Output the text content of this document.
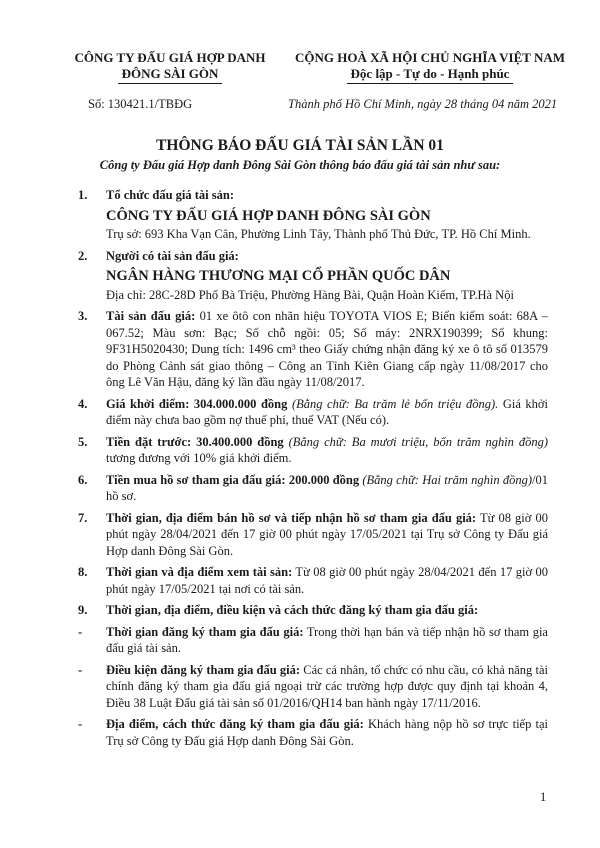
CÔNG TY ĐẤU GIÁ HỢP DANH
ĐÔNG SÀI GÒN
CỘNG HOÀ XÃ HỘI CHỦ NGHĨA VIỆT NAM
Độc lập - Tự do - Hạnh phúc
Số: 130421.1/TBĐG	Thành phố Hồ Chí Minh, ngày 28 tháng 04 năm 2021
THÔNG BÁO ĐẤU GIÁ TÀI SẢN LẦN 01
Công ty Đấu giá Hợp danh Đông Sài Gòn thông báo đấu giá tài sản như sau:
1.	Tổ chức đấu giá tài sản:
CÔNG TY ĐẤU GIÁ HỢP DANH ĐÔNG SÀI GÒN
Trụ sở: 693 Kha Vạn Cân, Phường Linh Tây, Thành phố Thủ Đức, TP. Hồ Chí Minh.
2.	Người có tài sản đấu giá:
NGÂN HÀNG THƯƠNG MẠI CỔ PHẦN QUỐC DÂN
Địa chỉ: 28C-28D Phố Bà Triệu, Phường Hàng Bài, Quận Hoàn Kiếm, TP.Hà Nội
3.	Tài sản đấu giá: 01 xe ôtô con nhãn hiệu TOYOTA VIOS E; Biển kiểm soát: 68A – 067.52; Màu sơn: Bạc; Số chỗ ngồi: 05; Số máy: 2NRX190399; Số khung: 9F31H5020430; Dung tích: 1496 cm³ theo Giấy chứng nhận đăng ký xe ô tô số 013579 do Phòng Cảnh sát giao thông – Công an Tỉnh Kiên Giang cấp ngày 11/08/2017 cho ông Lê Văn Hậu, đăng ký lần đầu ngày 11/08/2017.
4.	Giá khởi điểm: 304.000.000 đồng (Bằng chữ: Ba trăm lẻ bốn triệu đồng). Giá khởi điểm này chưa bao gồm nợ thuế phí, thuế VAT (Nếu có).
5.	Tiền đặt trước: 30.400.000 đồng (Bằng chữ: Ba mươi triệu, bốn trăm nghìn đồng) tương đương với 10% giá khởi điểm.
6.	Tiền mua hồ sơ tham gia đấu giá: 200.000 đồng (Bằng chữ: Hai trăm nghìn đồng)/01 hồ sơ.
7.	Thời gian, địa điểm bán hồ sơ và tiếp nhận hồ sơ tham gia đấu giá: Từ 08 giờ 00 phút ngày 28/04/2021 đến 17 giờ 00 phút ngày 17/05/2021 tại Trụ sở Công ty Đấu giá Hợp danh Đông Sài Gòn.
8.	Thời gian và địa điểm xem tài sản: Từ 08 giờ 00 phút ngày 28/04/2021 đến 17 giờ 00 phút ngày 17/05/2021 tại nơi có tài sản.
9.	Thời gian, địa điểm, điều kiện và cách thức đăng ký tham gia đấu giá:
-	Thời gian đăng ký tham gia đấu giá: Trong thời hạn bán và tiếp nhận hồ sơ tham gia đấu giá tài sản.
-	Điều kiện đăng ký tham gia đấu giá: Các cá nhân, tổ chức có nhu cầu, có khả năng tài chính đăng ký tham gia đấu giá ngoại trừ các trường hợp được quy định tại khoản 4, Điều 38 Luật Đấu giá tài sản số 01/2016/QH14 ban hành ngày 17/11/2016.
-	Địa điểm, cách thức đăng ký tham gia đấu giá: Khách hàng nộp hồ sơ trực tiếp tại Trụ sở Công ty Đấu giá Hợp danh Đông Sài Gòn.
1
